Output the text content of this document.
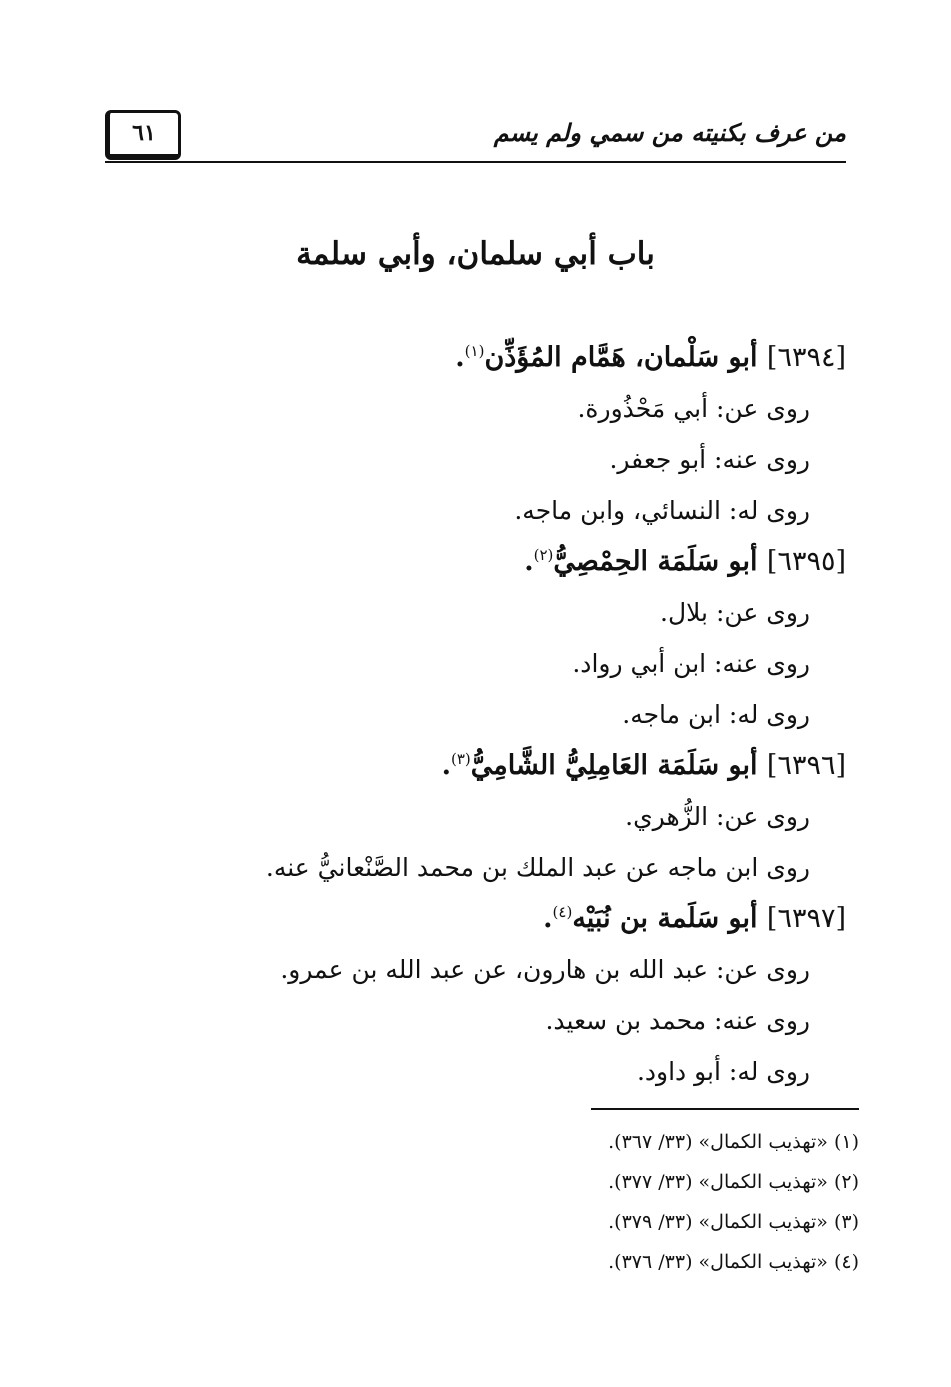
من عرف بكنيته من سمي ولم يسم
٦١
باب أبي سلمان، وأبي سلمة
[٦٣٩٤] أبو سَلْمان، هَمَّام المُؤَذِّن$^{(١)}$.
روى عن: أبي مَحْذُورة.
روى عنه: أبو جعفر.
روى له: النسائي، وابن ماجه.
[٦٣٩٥] أبو سَلَمَة الحِمْصِيُّ$^{(٢)}$.
روى عن: بلال.
روى عنه: ابن أبي رواد.
روى له: ابن ماجه.
[٦٣٩٦] أبو سَلَمَة العَامِلِيُّ الشَّامِيُّ$^{(٣)}$.
روى عن: الزُّهري.
روى ابن ماجه عن عبد الملك بن محمد الصَّنْعانيُّ عنه.
[٦٣٩٧] أبو سَلَمة بن نُبَيْه$^{(٤)}$.
روى عن: عبد الله بن هارون، عن عبد الله بن عمرو.
روى عنه: محمد بن سعيد.
روى له: أبو داود.
(١) «تهذيب الكمال» (٣٣/ ٣٦٧).
(٢) «تهذيب الكمال» (٣٣/ ٣٧٧).
(٣) «تهذيب الكمال» (٣٣/ ٣٧٩).
(٤) «تهذيب الكمال» (٣٣/ ٣٧٦).
